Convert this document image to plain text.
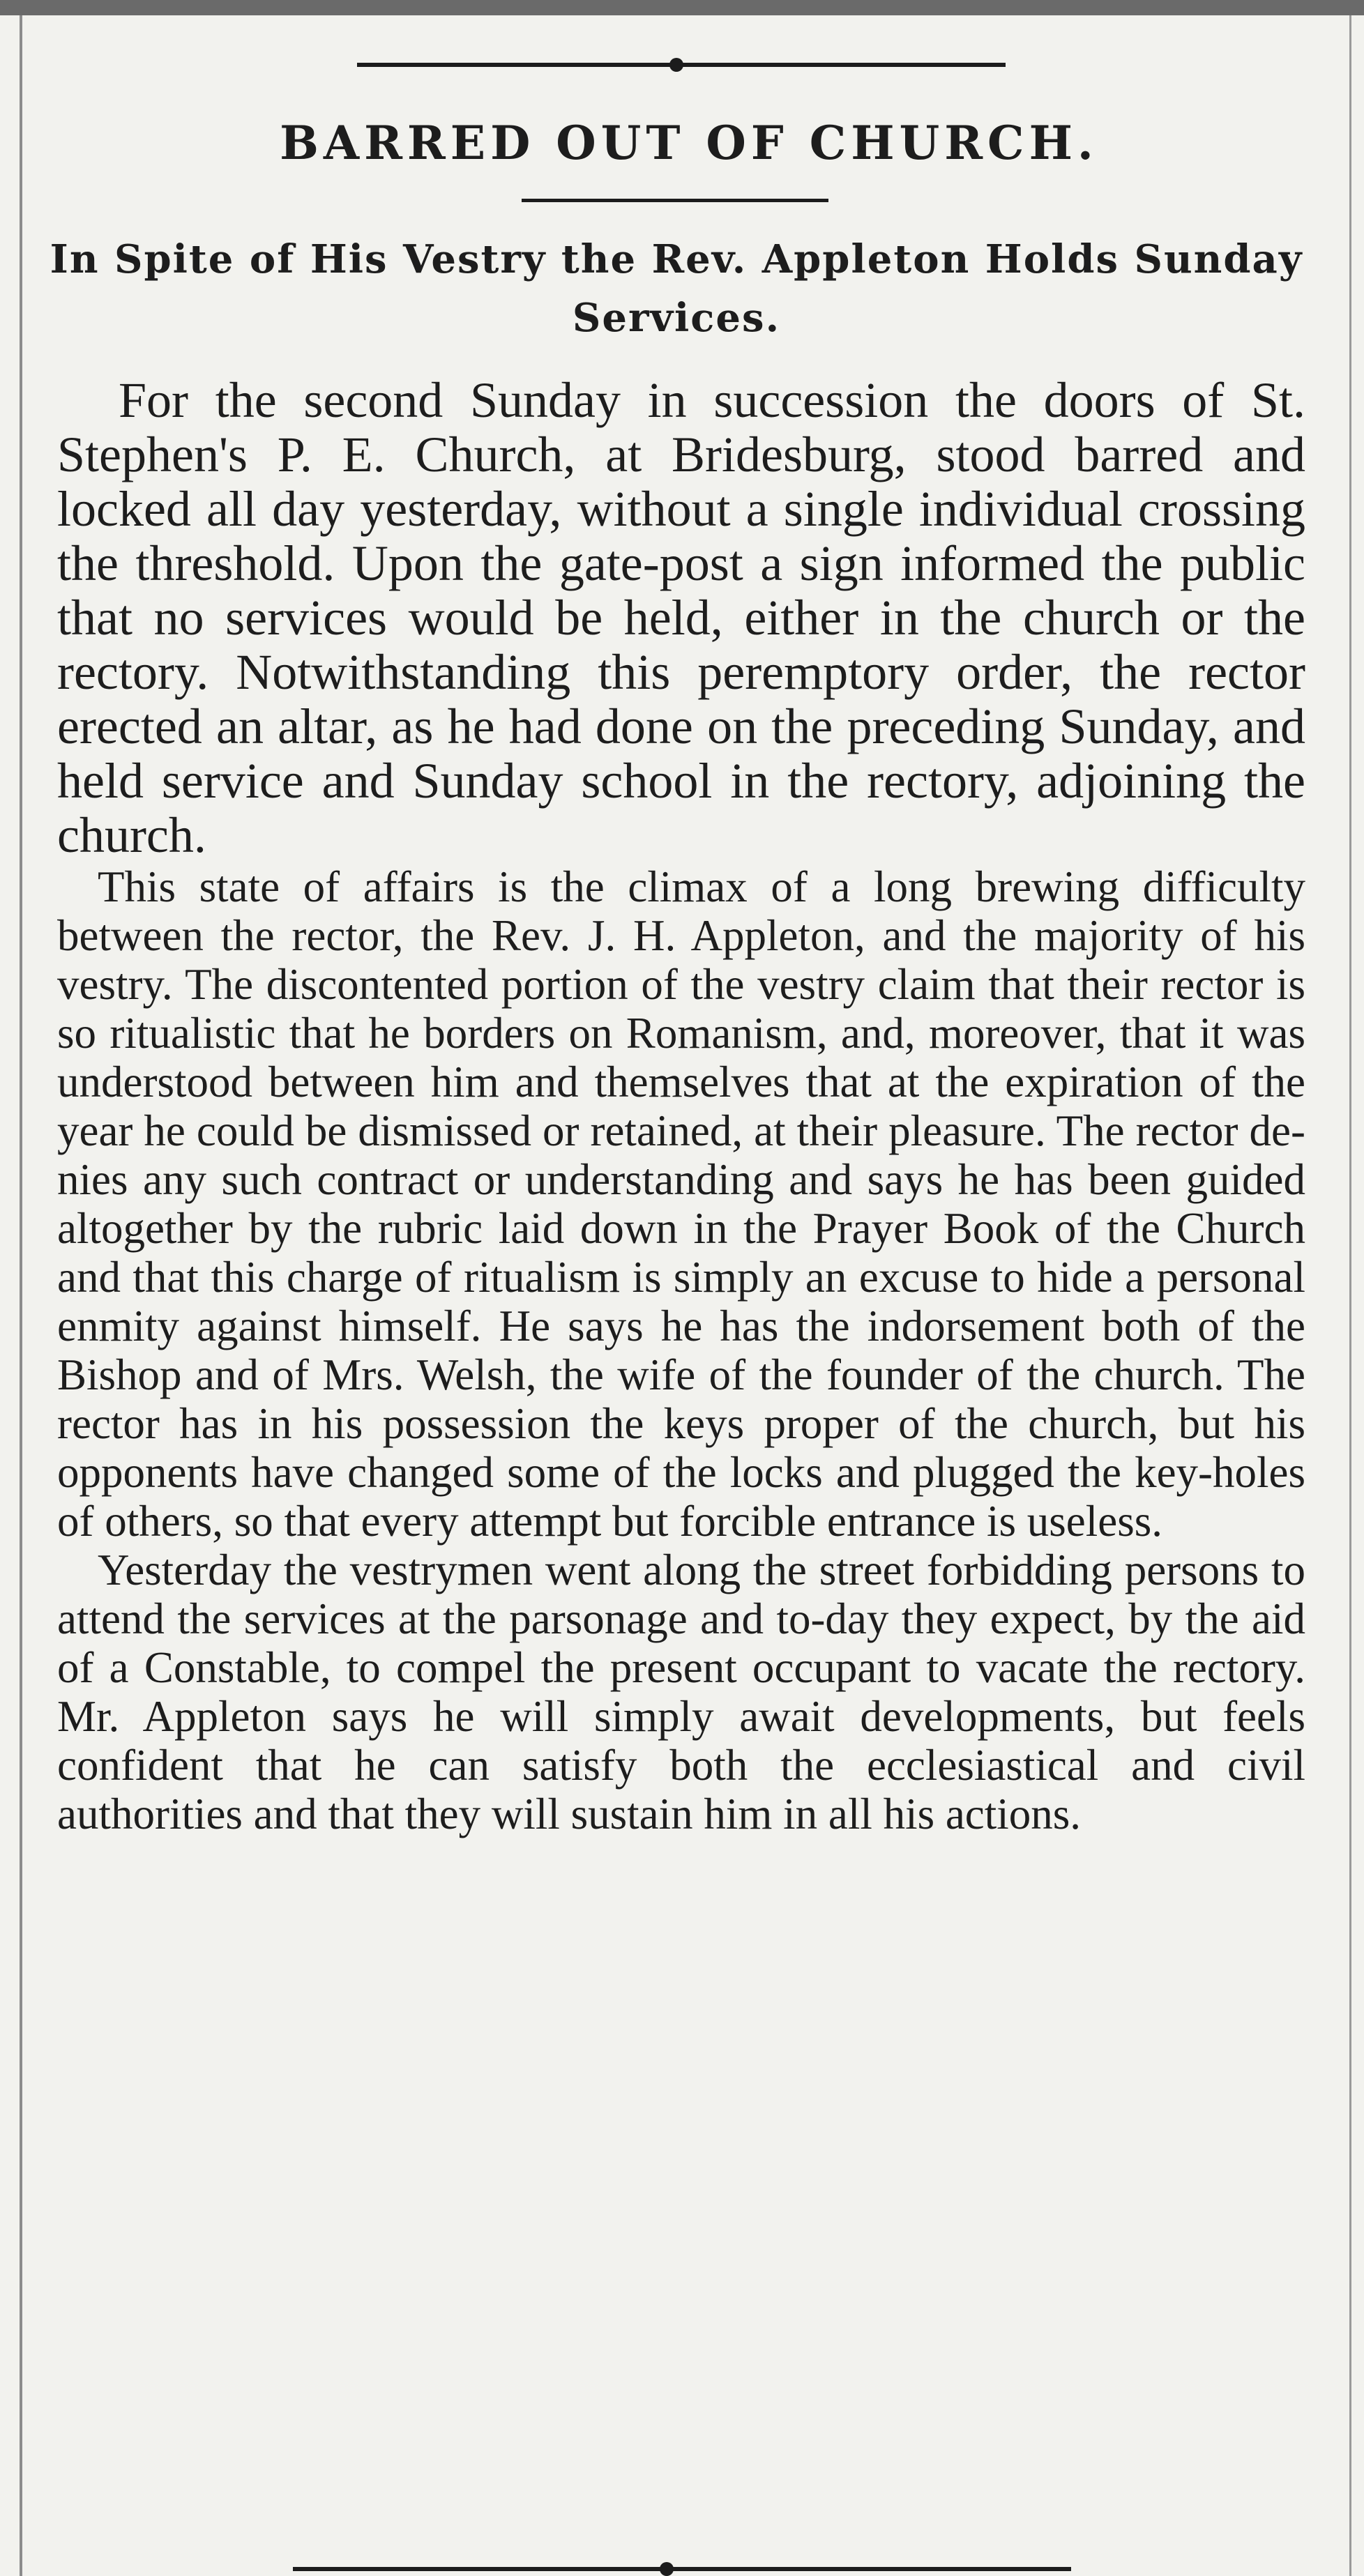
BARRED OUT OF CHURCH.
In Spite of His Vestry the Rev. Appleton Holds Sunday Services.

For the second Sunday in succession the doors of St. Stephen's P. E. Church, at Bridesburg, stood barred and locked all day yesterday, without a single individual crossing the threshold. Upon the gate-post a sign informed the public that no services would be held, either in the church or the rectory. Notwithstanding this peremptory order, the rector erected an altar, as he had done on the preceding Sunday, and held service and Sunday school in the rectory, adjoining the church.

This state of affairs is the climax of a long brewing difficulty between the rector, the Rev. J. H. Appleton, and the majority of his vestry. The discontented portion of the vestry claim that their rector is so ritualistic that he borders on Romanism, and, moreover, that it was understood between him and themselves that at the expiration of the year he could be dismissed or retained, at their pleasure. The rector denies any such contract or understanding and says he has been guided altogether by the rubric laid down in the Prayer Book of the Church and that this charge of ritualism is simply an excuse to hide a personal enmity against himself. He says he has the indorsement both of the Bishop and of Mrs. Welsh, the wife of the founder of the church. The rector has in his possession the keys proper of the church, but his opponents have changed some of the locks and plugged the key-holes of others, so that every attempt but forcible entrance is useless.

Yesterday the vestrymen went along the street forbidding persons to attend the services at the parsonage and to-day they expect, by the aid of a Constable, to compel the present occupant to vacate the rectory. Mr. Appleton says he will simply await developments, but feels confident that he can satisfy both the ecclesiastical and civil authorities and that they will sustain him in all his actions.
